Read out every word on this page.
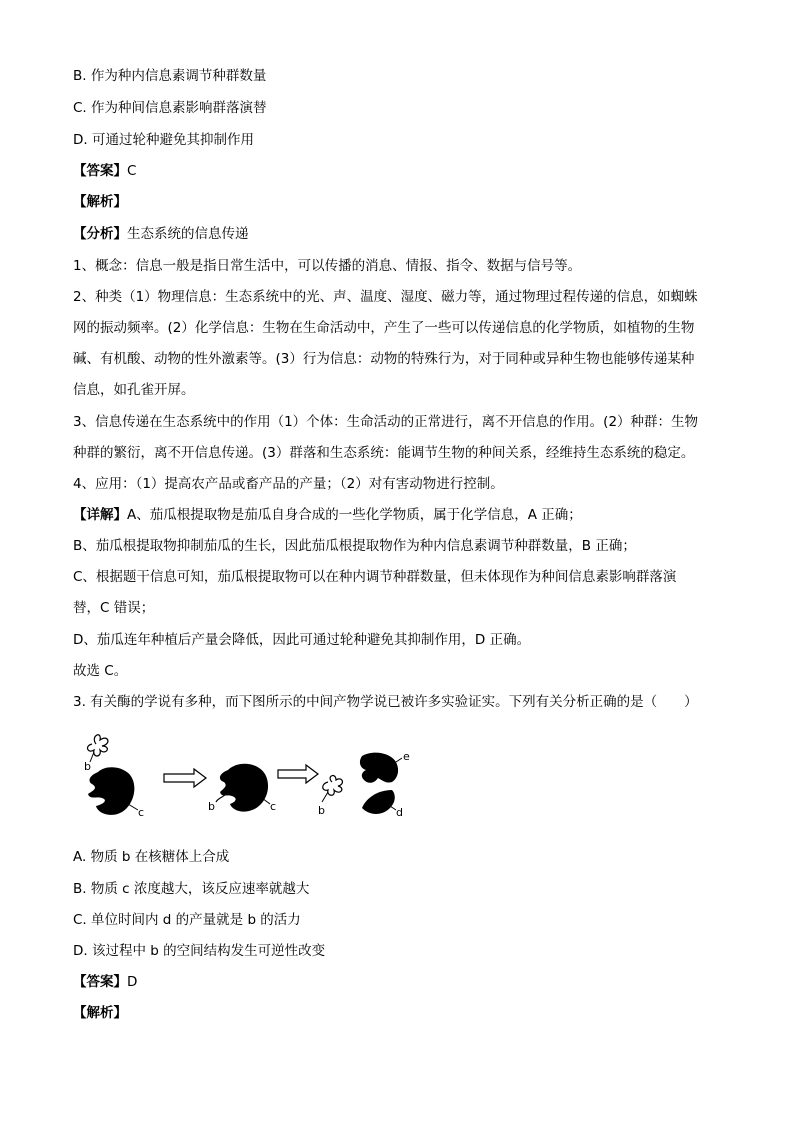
B. 作为种内信息素调节种群数量
C. 作为种间信息素影响群落演替
D. 可通过轮种避免其抑制作用
【答案】C
【解析】
【分析】生态系统的信息传递
1、概念：信息一般是指日常生活中，可以传播的消息、情报、指令、数据与信号等。
2、种类（1）物理信息：生态系统中的光、声、温度、湿度、磁力等，通过物理过程传递的信息，如蜘蛛
网的振动频率。(2）化学信息：生物在生命活动中，产生了一些可以传递信息的化学物质，如植物的生物
碱、有机酸、动物的性外激素等。(3）行为信息：动物的特殊行为，对于同种或异种生物也能够传递某种
信息，如孔雀开屏。
3、信息传递在生态系统中的作用（1）个体：生命活动的正常进行，离不开信息的作用。(2）种群：生物
种群的繁衍，离不开信息传递。(3）群落和生态系统：能调节生物的种间关系，经维持生态系统的稳定。
4、应用：（1）提高农产品或畜产品的产量；（2）对有害动物进行控制。
【详解】A、茄瓜根提取物是茄瓜自身合成的一些化学物质，属于化学信息，A 正确；
B、茄瓜根提取物抑制茄瓜的生长，因此茄瓜根提取物作为种内信息素调节种群数量，B 正确；
C、根据题干信息可知，茄瓜根提取物可以在种内调节种群数量，但未体现作为种间信息素影响群落演
替，C 错误；
D、茄瓜连年种植后产量会降低，因此可通过轮种避免其抑制作用，D 正确。
故选 C。
3. 有关酶的学说有多种，而下图所示的中间产物学说已被许多实验证实。下列有关分析正确的是（　　）
b
c	b	c	b
e
d
A. 物质 b 在核糖体上合成
B. 物质 c 浓度越大，该反应速率就越大
C. 单位时间内 d 的产量就是 b 的活力
D. 该过程中 b 的空间结构发生可逆性改变
【答案】D
【解析】
